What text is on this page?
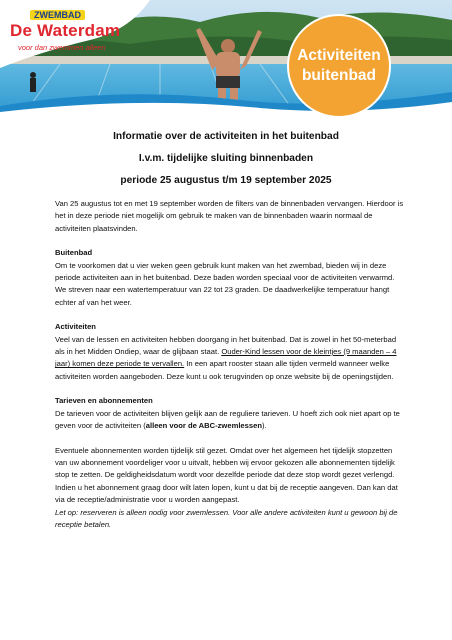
ZWEMBAD
De Waterdam
voor dan zwemmen alleen	Activiteiten
buitenbad
Informatie over de activiteiten in het buitenbad
I.v.m. tijdelijke sluiting binnenbaden
periode 25 augustus t/m 19 september 2025

Van 25 augustus tot en met 19 september worden de filters van de binnenbaden vervangen. Hierdoor is het in deze periode niet mogelijk om gebruik te maken van de binnenbaden waarin normaal de activiteiten plaatsvinden.

Buitenbad

Om te voorkomen dat u vier weken geen gebruik kunt maken van het zwembad, bieden wij in deze periode activiteiten aan in het buitenbad. Deze baden worden speciaal voor de activiteiten verwarmd. We streven naar een watertemperatuur van 22 tot 23 graden. De daadwerkelijke temperatuur hangt echter af van het weer.

Activiteiten

Veel van de lessen en activiteiten hebben doorgang in het buitenbad. Dat is zowel in het 50-meterbad als in het Midden Ondiep, waar de glijbaan staat. Ouder-Kind lessen voor de kleintjes (9 maanden – 4 jaar) komen deze periode te vervallen. In een apart rooster staan alle tijden vermeld wanneer welke activiteiten worden aangeboden. Deze kunt u ook terugvinden op onze website bij de openingstijden.

Tarieven en abonnementen

De tarieven voor de activiteiten blijven gelijk aan de reguliere tarieven. U hoeft zich ook niet apart op te geven voor de activiteiten (alleen voor de ABC-zwemlessen).

Eventuele abonnementen worden tijdelijk stil gezet. Omdat over het algemeen het tijdelijk stopzetten van uw abonnement voordeliger voor u uitvalt, hebben wij ervoor gekozen alle abonnementen tijdelijk stop te zetten. De geldigheidsdatum wordt voor dezelfde periode dat deze stop wordt gezet verlengd. Indien u het abonnement graag door wilt laten lopen, kunt u dat bij de receptie aangeven. Dan kan dat via de receptie/administratie voor u worden aangepast.

Let op: reserveren is alleen nodig voor zwemlessen. Voor alle andere activiteiten kunt u gewoon bij de receptie betalen.
